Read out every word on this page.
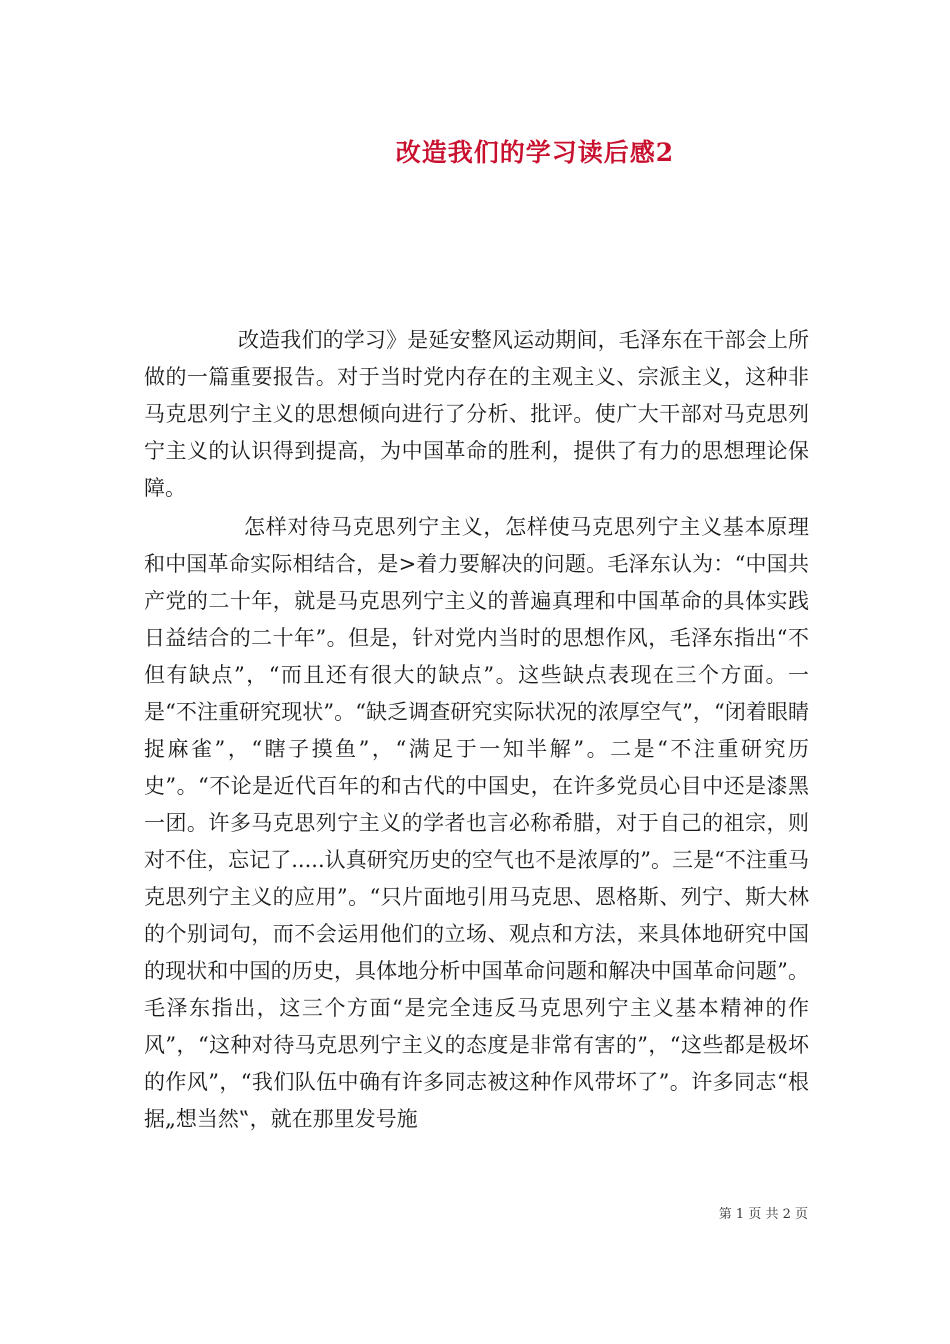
改造我们的学习读后感2

改造我们的学习》是延安整风运动期间，毛泽东在干部会上所做的一篇重要报告。对于当时党内存在的主观主义、宗派主义，这种非马克思列宁主义的思想倾向进行了分析、批评。使广大干部对马克思列宁主义的认识得到提高，为中国革命的胜利，提供了有力的思想理论保障。

怎样对待马克思列宁主义，怎样使马克思列宁主义基本原理和中国革命实际相结合，是>着力要解决的问题。毛泽东认为：“中国共产党的二十年，就是马克思列宁主义的普遍真理和中国革命的具体实践日益结合的二十年”。但是，针对党内当时的思想作风，毛泽东指出“不但有缺点”，“而且还有很大的缺点”。这些缺点表现在三个方面。一是“不注重研究现状”。“缺乏调查研究实际状况的浓厚空气”，“闭着眼睛捉麻雀”，“瞎子摸鱼”，“满足于一知半解”。二是“不注重研究历史”。“不论是近代百年的和古代的中国史，在许多党员心目中还是漆黑一团。许多马克思列宁主义的学者也言必称希腊，对于自己的祖宗，则对不住，忘记了.....认真研究历史的空气也不是浓厚的”。三是“不注重马克思列宁主义的应用”。“只片面地引用马克思、恩格斯、列宁、斯大林的个别词句，而不会运用他们的立场、观点和方法，来具体地研究中国的现状和中国的历史，具体地分析中国革命问题和解决中国革命问题”。毛泽东指出，这三个方面“是完全违反马克思列宁主义基本精神的作风”，“这种对待马克思列宁主义的态度是非常有害的”，“这些都是极坏的作风”，“我们队伍中确有许多同志被这种作风带坏了”。许多同志“根据„想当然‟，就在那里发号施

第 1 页 共 2 页
